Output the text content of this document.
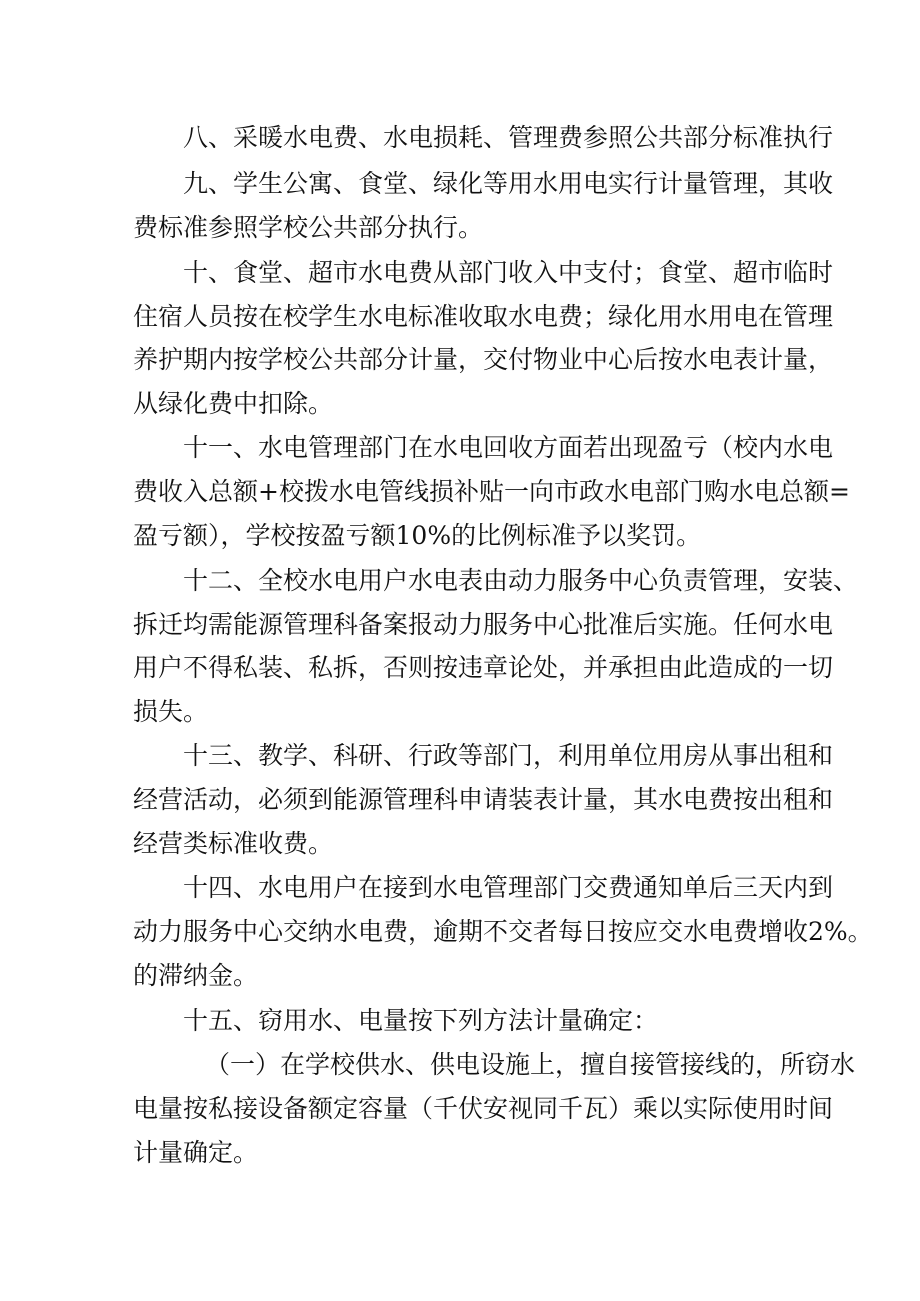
八、采暖水电费、水电损耗、管理费参照公共部分标准执行
九、学生公寓、食堂、绿化等用水用电实行计量管理，其收
费标准参照学校公共部分执行。
十、食堂、超市水电费从部门收入中支付；食堂、超市临时
住宿人员按在校学生水电标准收取水电费；绿化用水用电在管理
养护期内按学校公共部分计量，交付物业中心后按水电表计量，
从绿化费中扣除。
十一、水电管理部门在水电回收方面若出现盈亏（校内水电
费收入总额+校拨水电管线损补贴一向市政水电部门购水电总额=
盈亏额），学校按盈亏额10%的比例标准予以奖罚。
十二、全校水电用户水电表由动力服务中心负责管理，安装、
拆迁均需能源管理科备案报动力服务中心批准后实施。任何水电
用户不得私装、私拆，否则按违章论处，并承担由此造成的一切
损失。
十三、教学、科研、行政等部门，利用单位用房从事出租和
经营活动，必须到能源管理科申请装表计量，其水电费按出租和
经营类标准收费。
十四、水电用户在接到水电管理部门交费通知单后三天内到
动力服务中心交纳水电费，逾期不交者每日按应交水电费增收2%。
的滞纳金。
十五、窃用水、电量按下列方法计量确定：
（一）在学校供水、供电设施上，擅自接管接线的，所窃水
电量按私接设备额定容量（千伏安视同千瓦）乘以实际使用时间
计量确定。
